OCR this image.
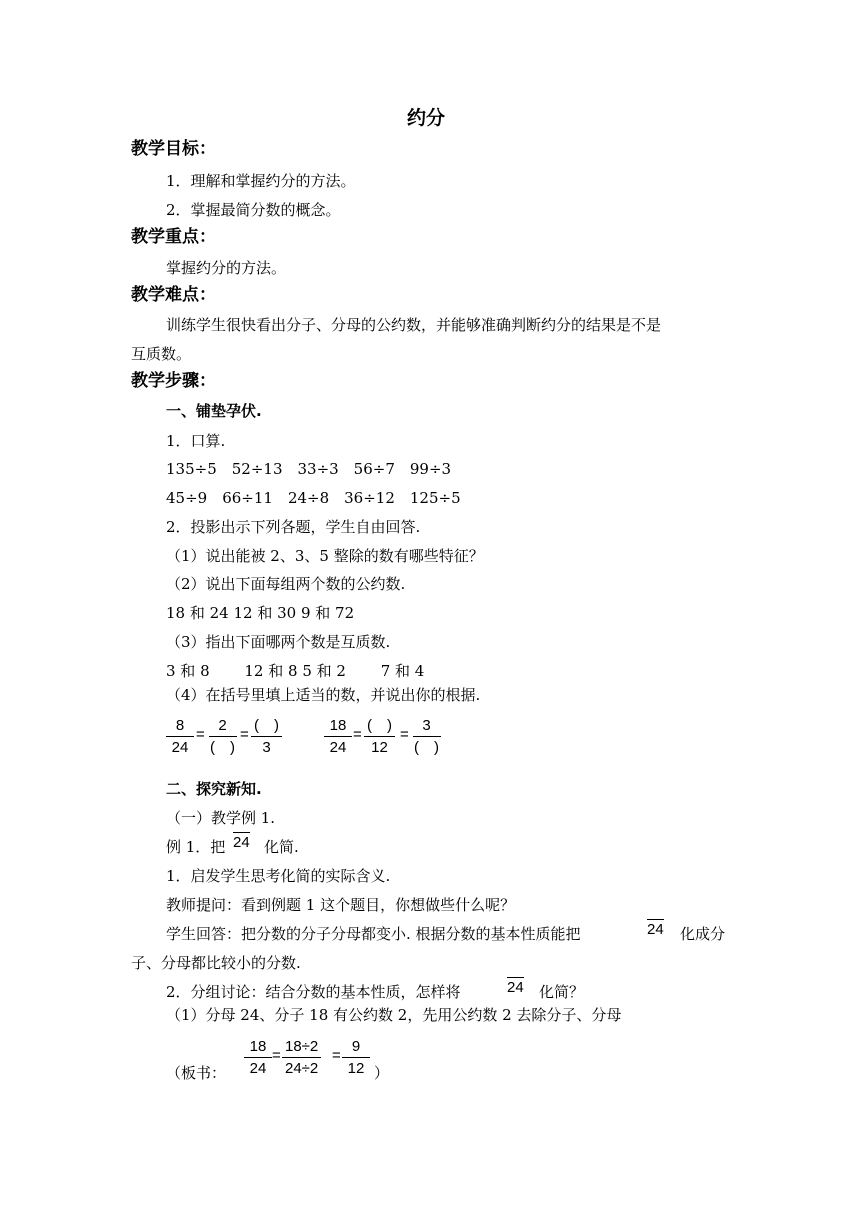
约分
教学目标：
1．理解和掌握约分的方法。
2．掌握最简分数的概念。
教学重点：
掌握约分的方法。
教学难点：
训练学生很快看出分子、分母的公约数，并能够准确判断约分的结果是不是
互质数。
教学步骤：
一、铺垫孕伏.
1．口算.
135÷5　52÷13　33÷3　56÷7　99÷3
45÷9　66÷11　24÷8　36÷12　125÷5
2．投影出示下列各题，学生自由回答.
（1）说出能被 2、3、5 整除的数有哪些特征？
（2）说出下面每组两个数的公约数.
18 和 24 12 和 30 9 和 72
（3）指出下面哪两个数是互质数.
3 和 8　　 12 和 8 5 和 2　　 7 和 4
（4）在括号里填上适当的数，并说出你的根据.
$\frac{8}{24}$ =
2
(　)
=
(　)
3	$\frac{18}{24}$ =
(　)
12
=
3
(　)
二、探究新知.
（一）教学例 1.
例 1．把 24 化简.
1．启发学生思考化简的实际含义.
教师提问：看到例题 1 这个题目，你想做些什么呢？
学生回答：把分数的分子分母都变小. 根据分数的基本性质能把	24 化成分
子、分母都比较小的分数.
2．分组讨论：结合分数的基本性质，怎样将	24 化简？
（1）分母 24、分子 18 有公约数 2，先用公约数 2 去除分子、分母
（板书： $\frac{18}{24} = \frac{18\div 2}{24\div 2} = \frac{9}{12}$ ）
